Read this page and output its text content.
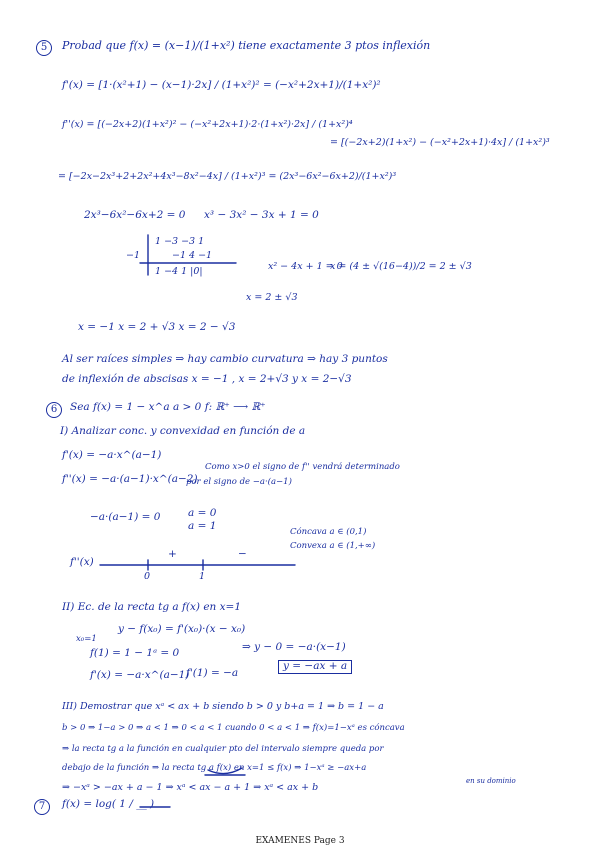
5	Probad que f(x) = (x−1)/(1+x²) tiene exactamente 3 ptos inflexión
f'(x) = [1·(x²+1) − (x−1)·2x] / (1+x²)² = (−x²+2x+1)/(1+x²)²
f''(x) = [(−2x+2)(1+x²)² − (−x²+2x+1)·2·(1+x²)·2x] / (1+x²)⁴
= [(−2x+2)(1+x²) − (−x²+2x+1)·4x] / (1+x²)³
= [−2x−2x³+2+2x²+4x³−8x²−4x] / (1+x²)³ = (2x³−6x²−6x+2)/(1+x²)³
2x³−6x²−6x+2 = 0 x³ − 3x² − 3x + 1 = 0
1 −3 −3 1
−1	−1 4 −1
1 −4 1 |0|	x² − 4x + 1 = 0
x = (4 ± √(16−4))/2 = 2 ± √3
x = 2 ± √3
x = −1 x = 2 + √3 x = 2 − √3
Al ser raíces simples ⇒ hay cambio curvatura ⇒ hay 3 puntos
de inflexión de abscisas x = −1 , x = 2+√3 y x = 2−√3
6	Sea f(x) = 1 − x^a a > 0 f: ℝ⁺ ⟶ ℝ⁺
I) Analizar conc. y convexidad en función de a
f'(x) = −a·x^(a−1)
f''(x) = −a·(a−1)·x^(a−2)
Como x>0 el signo de f'' vendrá determinado
por el signo de −a·(a−1)
−a·(a−1) = 0	a = 0
a = 1	Cóncava a ∈ (0,1)
Convexa a ∈ (1,+∞)
f''(x)
+	−
0	1
II) Ec. de la recta tg a f(x) en x=1
y − f(x₀) = f'(x₀)·(x − x₀)
x₀=1
f(1) = 1 − 1ᵃ = 0
f'(x) = −a·x^(a−1)
f'(1) = −a
⇒ y − 0 = −a·(x−1)
y = −ax + a
III) Demostrar que xᵃ < ax + b siendo b > 0 y b+a = 1 ⇒ b = 1 − a
b > 0 ⇒ 1−a > 0 ⇒ a < 1 ⇒ 0 < a < 1 cuando 0 < a < 1 ⇒ f(x)=1−xᵃ es cóncava
⇒ la recta tg a la función en cualquier pto del intervalo siempre queda por
debajo de la función ⇒ la recta tg a f(x) en x=1 ≤ f(x) ⇒ 1−xᵃ ≥ −ax+a
en su dominio
⇒ −xᵃ > −ax + a − 1 ⇒ xᵃ < ax − a + 1 ⇒ xᵃ < ax + b
7	f(x) = log( 1 / __ )
EXAMENES Page 3
